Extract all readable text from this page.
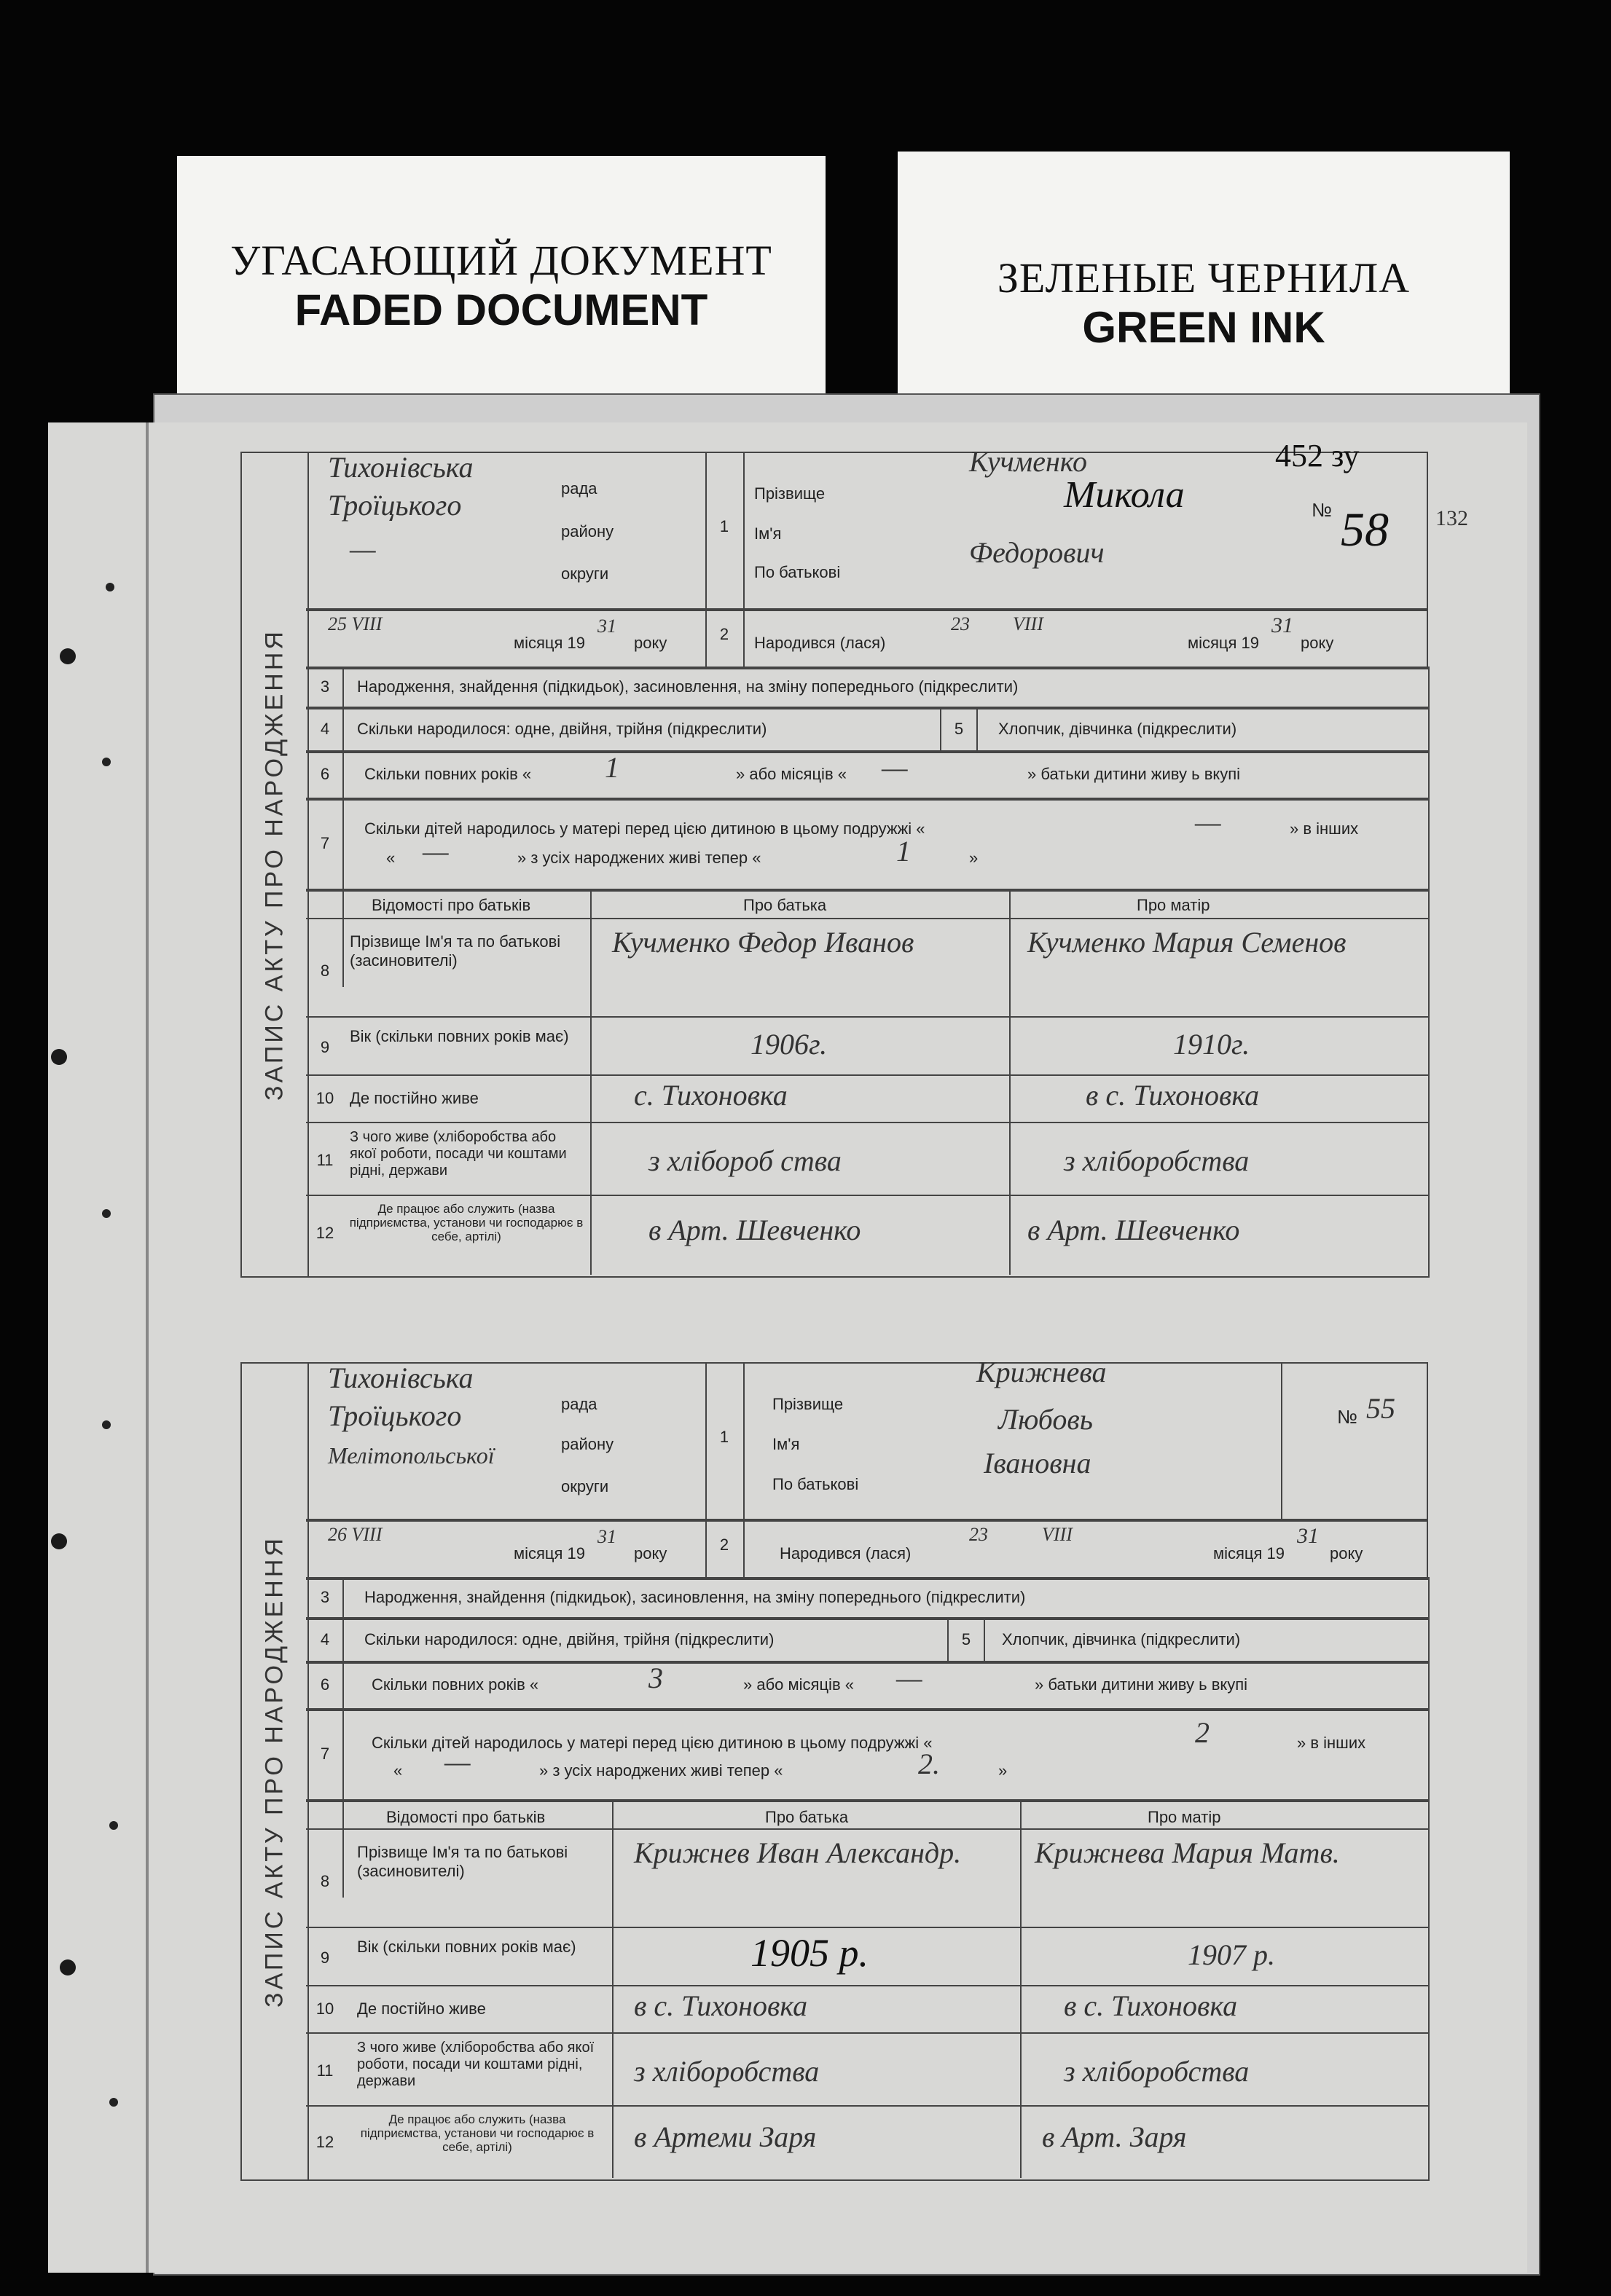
УГАСАЮЩИЙ ДОКУМЕНТ
FADED DOCUMENT
ЗЕЛЕНЫЕ ЧЕРНИЛА
GREEN INK
ЗАПИС АКТУ ПРО НАРОДЖЕННЯ
Тихонівська
рада
Троїцького
району
—
округи
25 VIII
місяця 19
31
року
1
Прізвище
Кучменко
Ім'я
Микола
По батькові
Федорович
2	Народився (лася)
23 VIII
місяця 19
31
року
№ 58
452 зу
132
3	Народження, знайдення (підкидьок), засиновлення, на зміну попереднього (підкреслити)
4	Скільки народилося: одне, двійня, трійня (підкреслити)	5	Хлопчик, дівчинка (підкреслити)
6	Скільки повних років «	1	» або місяців « —	» батьки дитини живу ь вкупі
7
Скільки дітей народилось у матері перед цією дитиною в цьому подружжі «	—	» в інших
« —	» з усіх народжених живі тепер «	1	»
Відомості про батьків	Про батька	Про матір
8
Прізвище Ім'я та по батькові (засиновителі)
Кучменко Федор Иванов	Кучменко Мария Семенов
9
Вік (скільки повних років має)	1906г.	1910г.
10 Де постійно живе	с. Тихоновка	в с. Тихоновка
11
З чого живе (хліборобства або якої роботи, посади чи коштами рідні, держави	з хлібороб ства	з хліборобства
12
Де працює або служить (назва підприємства, установи чи господарює в себе, артілі)	в Арт. Шевченко	в Арт. Шевченко
ЗАПИС АКТУ ПРО НАРОДЖЕННЯ
Тихонівська
рада
Троїцького
району
Мелітопольської
округи
26 VIII
місяця 19
31
року
1
Прізвище
Крижнева
Ім'я
Любовь
По батькові
Івановна
№ 55
2	Народився (лася)
23	VIII
місяця 19
31
року
3	Народження, знайдення (підкидьок), засиновлення, на зміну попереднього (підкреслити)
4	Скільки народилося: одне, двійня, трійня (підкреслити)	5	Хлопчик, дівчинка (підкреслити)
6	Скільки повних років «	3	» або місяців « —	» батьки дитини живу ь вкупі
7
Скільки дітей народилось у матері перед цією дитиною в цьому подружжі «	2	» в інших
« —	» з усіх народжених живі тепер «	2.	»
Відомості про батьків	Про батька	Про матір
8
Прізвище Ім'я та по батькові (засиновителі)
Крижнев Иван Александр.	Крижнева Мария Матв.
9
Вік (скільки повних років має)	1905 р.	1907 р.
10	Де постійно живе	в с. Тихоновка	в с. Тихоновка
11
З чого живе (хліборобства або якої роботи, посади чи коштами рідні, держави	з хліборобства	з хліборобства
12
Де працює або служить (назва підприємства, установи чи господарює в себе, артілі)	в Артеми Заря	в Арт. Заря
